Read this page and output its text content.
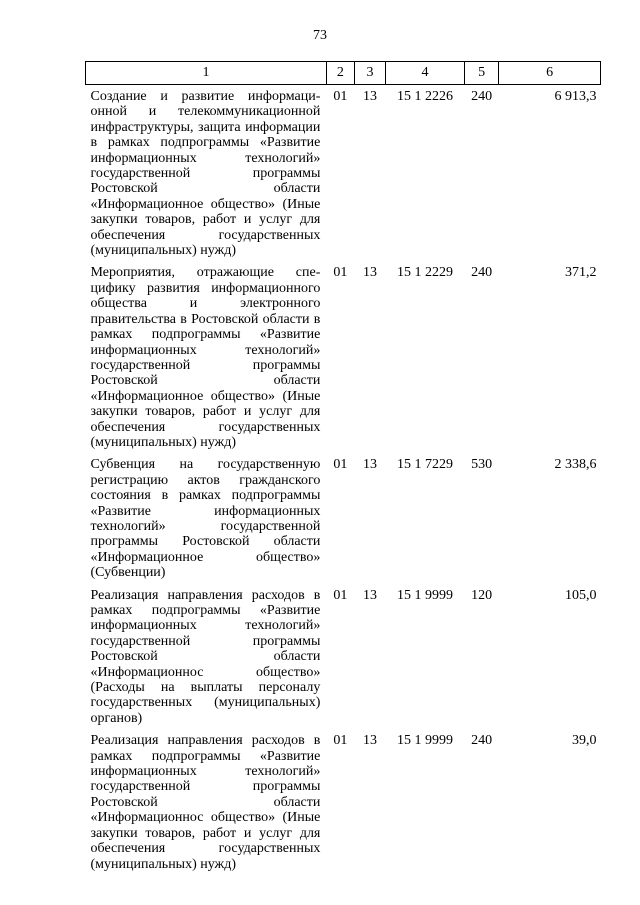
73
1	2	3	4	5	6
Создание и развитие информационной и телекоммуникационной инфраструктуры, защита информации в рамках подпрограммы «Развитие информационных технологий» государственной программы Ростовской области «Информационное общество» (Иные закупки товаров, работ и услуг для обеспечения государственных (муниципальных) нужд)	01	13	15 1 2226	240	6 913,3
Мероприятия, отражающие специфику развития информационного общества и электронного правительства в Ростовской области в рамках подпрограммы «Развитие информационных технологий» государственной программы Ростовской области «Информационное общество» (Иные закупки товаров, работ и услуг для обеспечения государственных (муниципальных) нужд)	01	13	15 1 2229	240	371,2
Субвенция на государственную регистрацию актов гражданского состояния в рамках подпрограммы «Развитие информационных технологий» государственной программы Ростовской области «Информационное общество» (Субвенции)	01	13	15 1 7229	530	2 338,6
Реализация направления расходов в рамках подпрограммы «Развитие информационных технологий» государственной программы Ростовской области «Информационнос общество» (Расходы на выплаты персоналу государственных (муниципальных) органов)	01	13	15 1 9999	120	105,0
Реализация направления расходов в рамках подпрограммы «Развитие информационных технологий» государственной программы Ростовской области «Информационнос общество» (Иные закупки товаров, работ и услуг для обеспечения государственных (муниципальных) нужд)	01	13	15 1 9999	240	39,0
